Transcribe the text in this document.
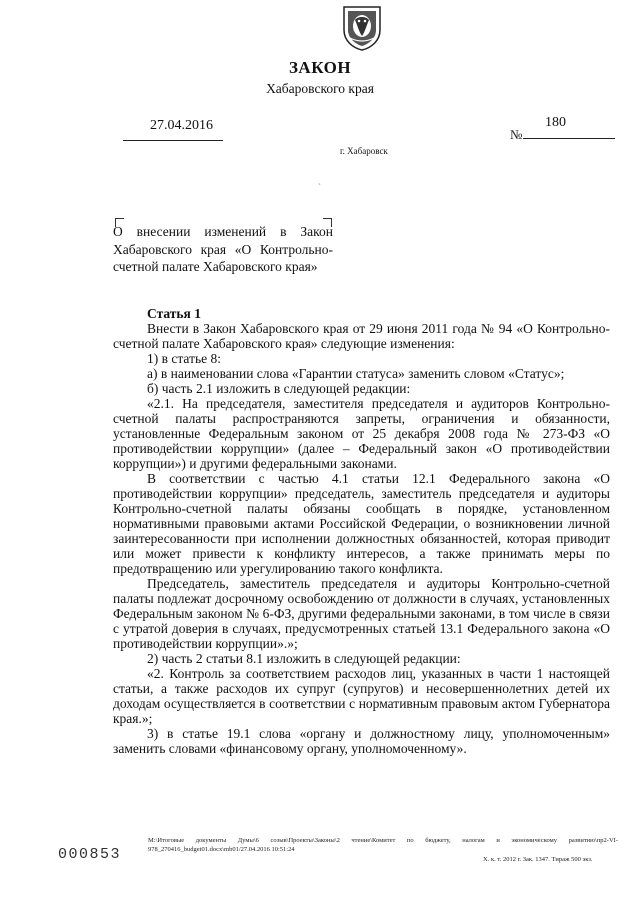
ЗАКОН
Хабаровского края
27.04.2016
№
180
г. Хабаровск
`
О внесении изменений в Закон
Хабаровского края «О Контрольно-
счетной палате Хабаровского края»
Статья 1

Внести в Закон Хабаровского края от 29 июня 2011 года № 94 «О Контрольно-счетной палате Хабаровского края» следующие изменения:

1) в статье 8:

а) в наименовании слова «Гарантии статуса» заменить словом «Статус»;

б) часть 2.1 изложить в следующей редакции:

«2.1. На председателя, заместителя председателя и аудиторов Контрольно-счетной палаты распространяются запреты, ограничения и обязанности, установленные Федеральным законом от 25 декабря 2008 года № 273-ФЗ «О противодействии коррупции» (далее – Федеральный закон «О противодействии коррупции») и другими федеральными законами.

В соответствии с частью 4.1 статьи 12.1 Федерального закона «О противодействии коррупции» председатель, заместитель председателя и аудиторы Контрольно-счетной палаты обязаны сообщать в порядке, установленном нормативными правовыми актами Российской Федерации, о возникновении личной заинтересованности при исполнении должностных обязанностей, которая приводит или может привести к конфликту интересов, а также принимать меры по предотвращению или урегулированию такого конфликта.

Председатель, заместитель председателя и аудиторы Контрольно-счетной палаты подлежат досрочному освобождению от должности в случаях, установленных Федеральным законом № 6-ФЗ, другими федеральными законами, в том числе в связи с утратой доверия в случаях, предусмотренных статьей 13.1 Федерального закона «О противодействии коррупции».»;

2) часть 2 статьи 8.1 изложить в следующей редакции:

«2. Контроль за соответствием расходов лиц, указанных в части 1 настоящей статьи, а также расходов их супруг (супругов) и несовершеннолетних детей их доходам осуществляется в соответствии с нормативным правовым актом Губернатора края.»;

3) в статье 19.1 слова «органу и должностному лицу, уполномоченным» заменить словами «финансовому органу, уполномоченному».

M:\Итоговые документы Думы\6 созыв\Проекты\Законы\2 чтение\Комитет по бюджету, налогам и экономическому развитию\пр2-VI-
978_270416_budget01.docx\mb01/27.04.2016 10:51:24
000853	Х. к. т. 2012 г. Зак. 1347. Тираж 500 экз.
